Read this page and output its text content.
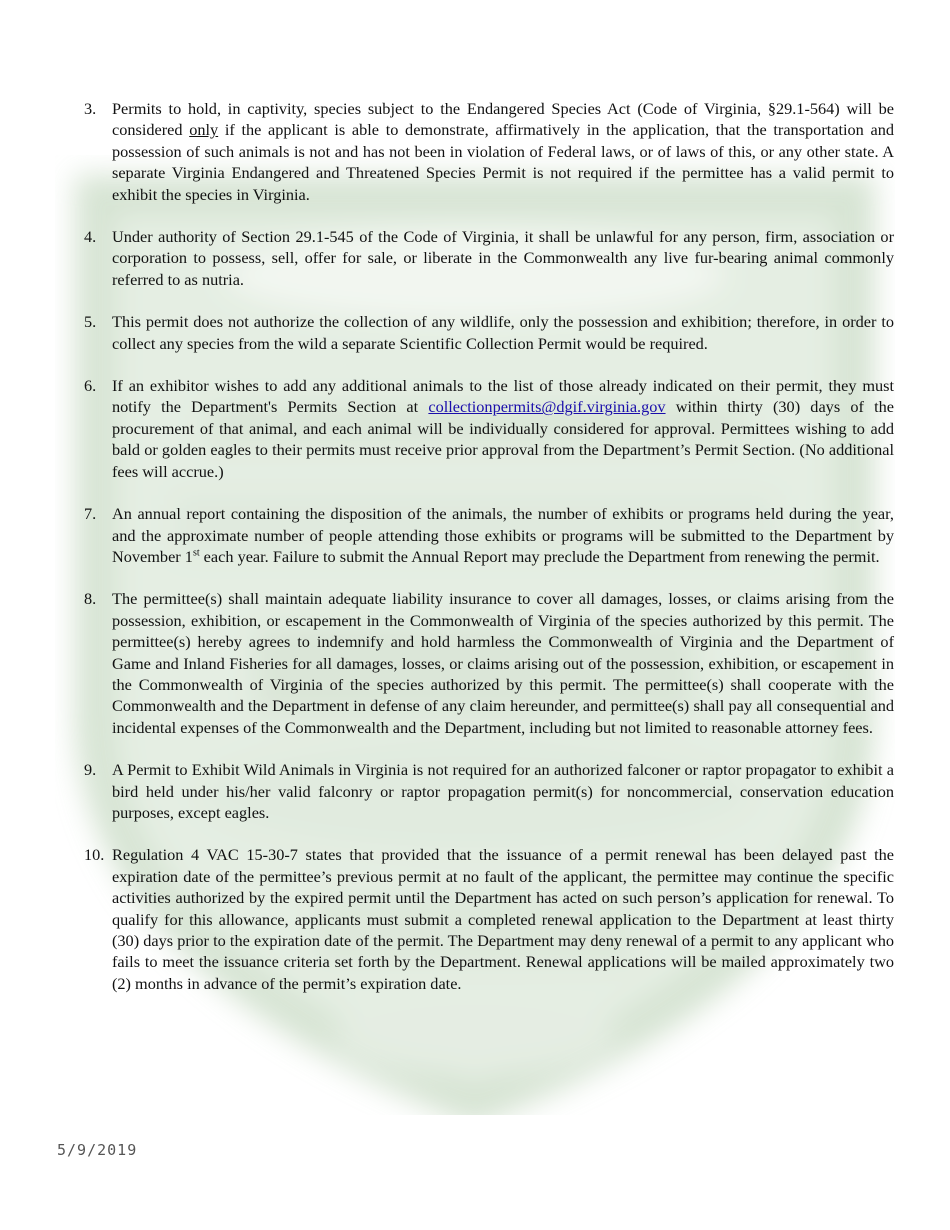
3. Permits to hold, in captivity, species subject to the Endangered Species Act (Code of Virginia, §29.1-564) will be considered only if the applicant is able to demonstrate, affirmatively in the application, that the transportation and possession of such animals is not and has not been in violation of Federal laws, or of laws of this, or any other state. A separate Virginia Endangered and Threatened Species Permit is not required if the permittee has a valid permit to exhibit the species in Virginia.
4. Under authority of Section 29.1-545 of the Code of Virginia, it shall be unlawful for any person, firm, association or corporation to possess, sell, offer for sale, or liberate in the Commonwealth any live fur-bearing animal commonly referred to as nutria.
5. This permit does not authorize the collection of any wildlife, only the possession and exhibition; therefore, in order to collect any species from the wild a separate Scientific Collection Permit would be required.
6. If an exhibitor wishes to add any additional animals to the list of those already indicated on their permit, they must notify the Department's Permits Section at collectionpermits@dgif.virginia.gov within thirty (30) days of the procurement of that animal, and each animal will be individually considered for approval. Permittees wishing to add bald or golden eagles to their permits must receive prior approval from the Department’s Permit Section. (No additional fees will accrue.)
7. An annual report containing the disposition of the animals, the number of exhibits or programs held during the year, and the approximate number of people attending those exhibits or programs will be submitted to the Department by November 1st each year. Failure to submit the Annual Report may preclude the Department from renewing the permit.
8. The permittee(s) shall maintain adequate liability insurance to cover all damages, losses, or claims arising from the possession, exhibition, or escapement in the Commonwealth of Virginia of the species authorized by this permit. The permittee(s) hereby agrees to indemnify and hold harmless the Commonwealth of Virginia and the Department of Game and Inland Fisheries for all damages, losses, or claims arising out of the possession, exhibition, or escapement in the Commonwealth of Virginia of the species authorized by this permit. The permittee(s) shall cooperate with the Commonwealth and the Department in defense of any claim hereunder, and permittee(s) shall pay all consequential and incidental expenses of the Commonwealth and the Department, including but not limited to reasonable attorney fees.
9. A Permit to Exhibit Wild Animals in Virginia is not required for an authorized falconer or raptor propagator to exhibit a bird held under his/her valid falconry or raptor propagation permit(s) for noncommercial, conservation education purposes, except eagles.
10. Regulation 4 VAC 15-30-7 states that provided that the issuance of a permit renewal has been delayed past the expiration date of the permittee’s previous permit at no fault of the applicant, the permittee may continue the specific activities authorized by the expired permit until the Department has acted on such person’s application for renewal. To qualify for this allowance, applicants must submit a completed renewal application to the Department at least thirty (30) days prior to the expiration date of the permit. The Department may deny renewal of a permit to any applicant who fails to meet the issuance criteria set forth by the Department. Renewal applications will be mailed approximately two (2) months in advance of the permit’s expiration date.
5/9/2019
